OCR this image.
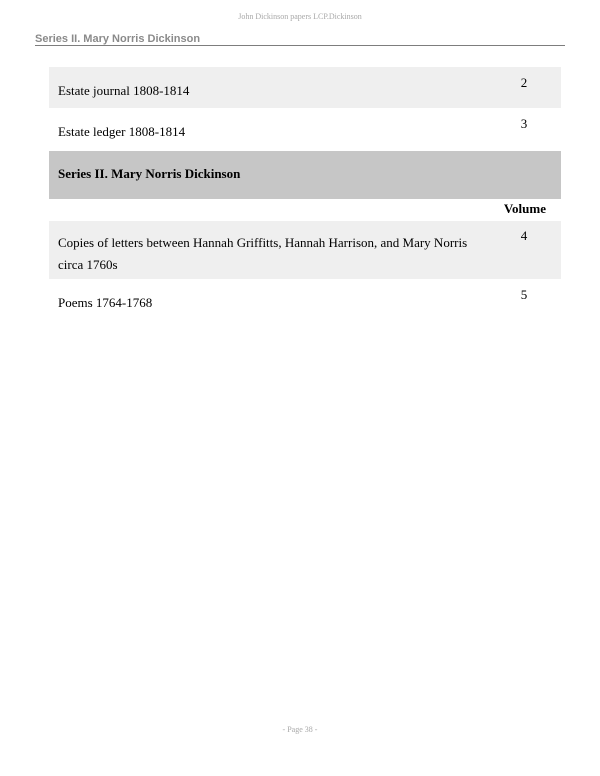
John Dickinson papers LCP.Dickinson
Series II. Mary Norris Dickinson
Estate journal 1808-1814
2
Estate ledger 1808-1814
3
Series II. Mary Norris Dickinson
Volume
Copies of letters between Hannah Griffitts, Hannah Harrison, and Mary Norris circa 1760s
4
Poems 1764-1768
5
- Page 38 -
